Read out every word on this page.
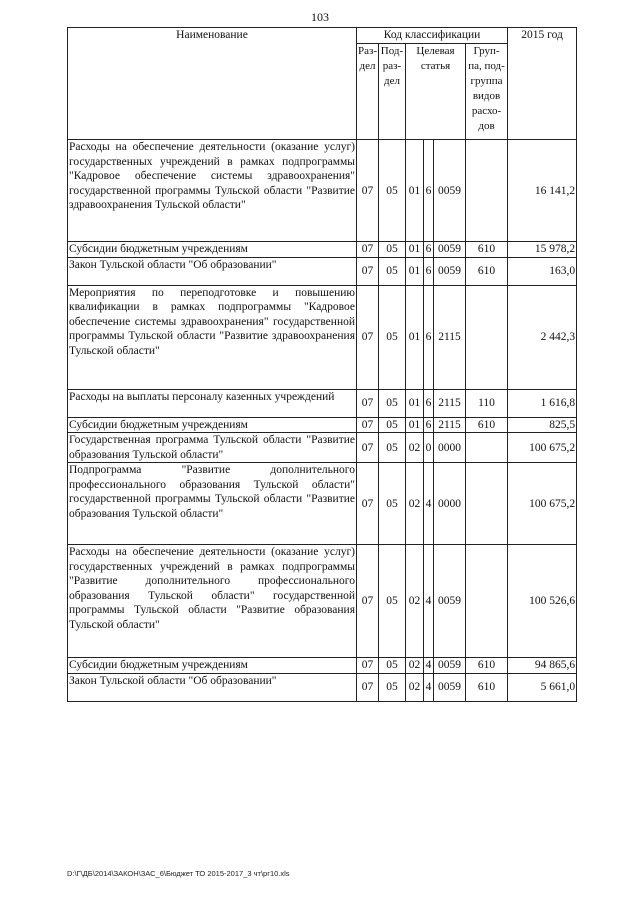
103
Наименование	Код классификации						2015 год
	Раз-дел	Под-раз-дел	Целевая статья			Груп-па, под-группа видов расхо-дов	
Расходы на обеспечение деятельности (оказание услуг) государственных учреждений в рамках подпрограммы "Кадровое обеспечение системы здравоохранения" государственной программы Тульской области "Развитие здравоохранения Тульской области"	07	05	01	6	0059		16 141,2
Субсидии бюджетным учреждениям	07	05	01	6	0059	610	15 978,2
Закон Тульской области "Об образовании"	07	05	01	6	0059	610	163,0
Мероприятия по переподготовке и повышению квалификации в рамках подпрограммы "Кадровое обеспечение системы здравоохранения" государственной программы Тульской области "Развитие здравоохранения Тульской области"	07	05	01	6	2115		2 442,3
Расходы на выплаты персоналу казенных учреждений	07	05	01	6	2115	110	1 616,8
Субсидии бюджетным учреждениям	07	05	01	6	2115	610	825,5
Государственная программа Тульской области "Развитие образования Тульской области"	07	05	02	0	0000		100 675,2
Подпрограмма "Развитие дополнительного профессионального образования Тульской области" государственной программы Тульской области "Развитие образования Тульской области"	07	05	02	4	0000		100 675,2
Расходы на обеспечение деятельности (оказание услуг) государственных учреждений в рамках подпрограммы "Развитие дополнительного профессионального образования Тульской области" государственной программы Тульской области "Развитие образования Тульской области"	07	05	02	4	0059		100 526,6
Субсидии бюджетным учреждениям	07	05	02	4	0059	610	94 865,6
Закон Тульской области "Об образовании"	07	05	02	4	0059	610	5 661,0
D:\Г\ДБ\2014\ЗАКОН\ЗАС_6\Бюджет ТО 2015-2017_3 чт\рг10.xls
